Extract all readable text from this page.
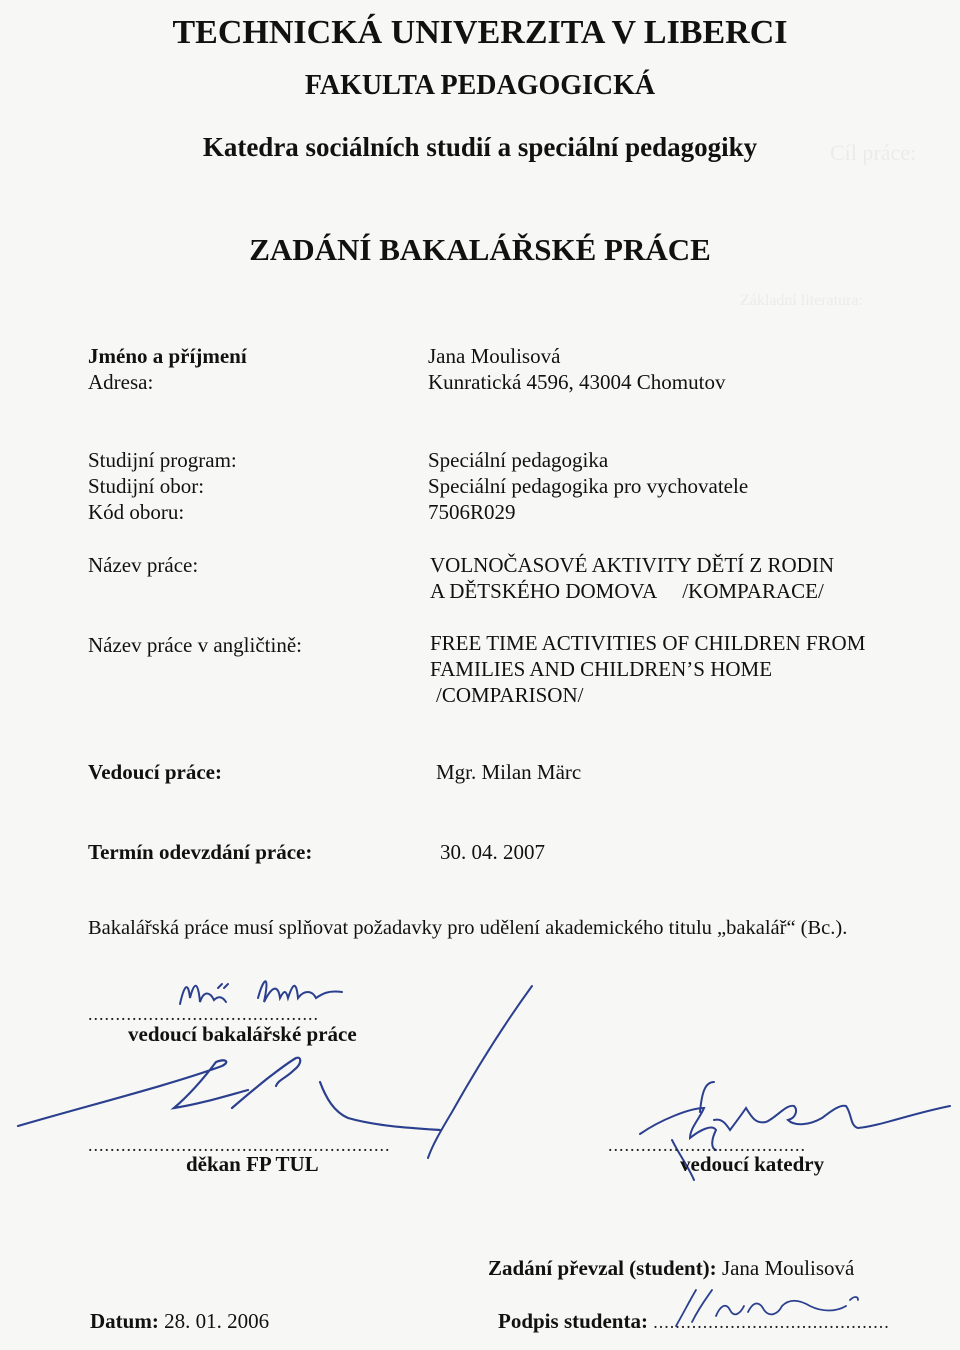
Cíl práce:
Základní literatura:
TECHNICKÁ UNIVERZITA V LIBERCI
FAKULTA PEDAGOGICKÁ
Katedra sociálních studií a speciální pedagogiky
ZADÁNÍ BAKALÁŘSKÉ PRÁCE
Jméno a příjmení	Jana Moulisová
Adresa:	Kunratická 4596, 43004 Chomutov
Studijní program:	Speciální pedagogika
Studijní obor:	Speciální pedagogika pro vychovatele
Kód oboru:	7506R029
Název práce:	VOLNOČASOVÉ AKTIVITY DĚTÍ Z RODIN
A DĚTSKÉHO DOMOVA     /KOMPARACE/
Název práce v angličtině:	FREE TIME ACTIVITIES OF CHILDREN FROM
FAMILIES AND CHILDREN’S HOME
/COMPARISON/
Vedoucí práce:	Mgr. Milan Märc
Termín odevzdání práce:	30. 04. 2007
Bakalářská práce musí splňovat požadavky pro udělení akademického titulu „bakalář“ (Bc.).
..........................................
vedoucí bakalářské práce
.......................................................
děkan FP TUL
....................................
vedoucí katedry
Zadání převzal (student): Jana Moulisová
Datum: 28. 01. 2006	Podpis studenta: ...........................................
